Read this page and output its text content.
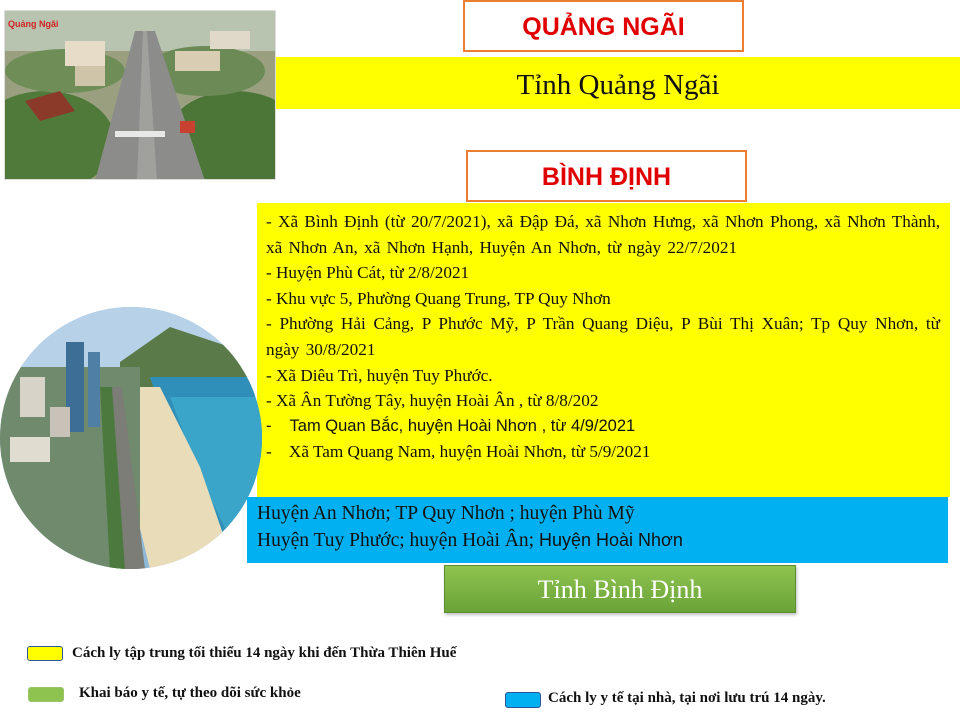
Quảng Ngãi	QUẢNG NGÃI
Tỉnh Quảng Ngãi
BÌNH ĐỊNH
- Xã Bình Định (từ 20/7/2021), xã Đập Đá, xã Nhơn Hưng, xã Nhơn Phong, xã Nhơn Thành, xã Nhơn An, xã Nhơn Hạnh, Huyện An Nhơn, từ ngày 22/7/2021
- Huyện Phù Cát, từ 2/8/2021
- Khu vực 5, Phường Quang Trung, TP Quy Nhơn
- Phường Hải Cảng, P Phước Mỹ, P Trần Quang Diệu, P Bùi Thị Xuân; Tp Quy Nhơn, từ ngày 30/8/2021
- Xã Diêu Trì, huyện Tuy Phước.
- Xã Ân Tường Tây, huyện Hoài Ân , từ 8/8/202
-    Tam Quan Bắc, huyện Hoài Nhơn , từ 4/9/2021
-    Xã Tam Quang Nam, huyện Hoài Nhơn, từ 5/9/2021
Huyện An Nhơn; TP Quy Nhơn ; huyện Phù Mỹ
Huyện Tuy Phước; huyện Hoài Ân; Huyện Hoài Nhơn
Tỉnh Bình Định
Cách ly tập trung tối thiểu 14 ngày khi đến Thừa Thiên Huế
Khai báo y tế, tự theo dõi sức khỏe	Cách ly y tế tại nhà, tại nơi lưu trú 14 ngày.
